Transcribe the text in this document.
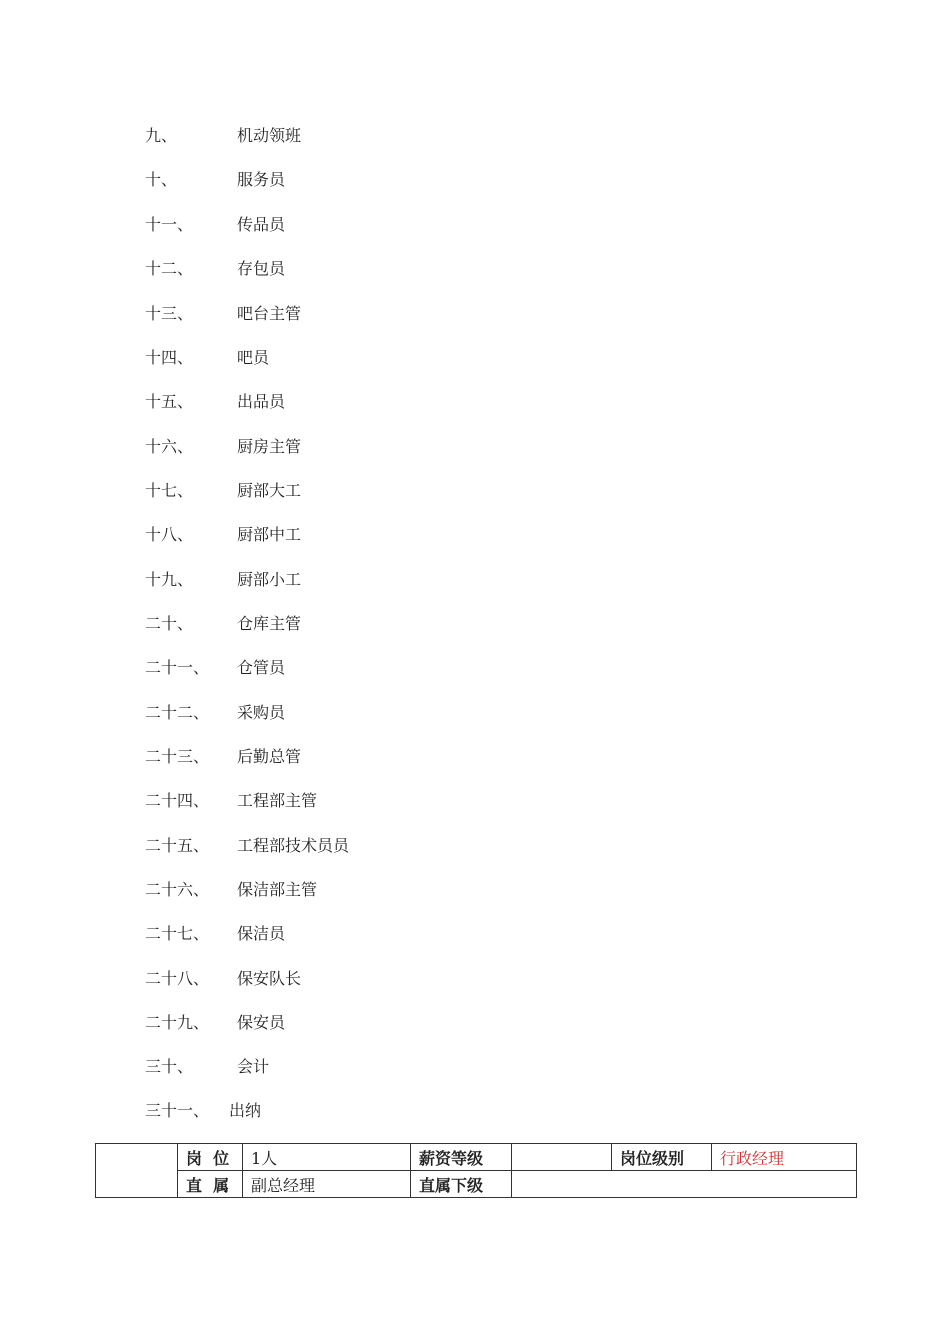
九、	机动领班
十、	服务员
十一、	传品员
十二、	存包员
十三、	吧台主管
十四、	吧员
十五、	出品员
十六、	厨房主管
十七、	厨部大工
十八、	厨部中工
十九、	厨部小工
二十、	仓库主管
二十一、 仓管员
二十二、 采购员
二十三、 后勤总管
二十四、 工程部主管
二十五、 工程部技术员员
二十六、 保洁部主管
二十七、 保洁员
二十八、 保安队长
二十九、 保安员
三十、	会计
三十一、 出纳
	岗  位	1人	薪资等级		岗位级别	行政经理
	直  属	副总经理	直属下级			
